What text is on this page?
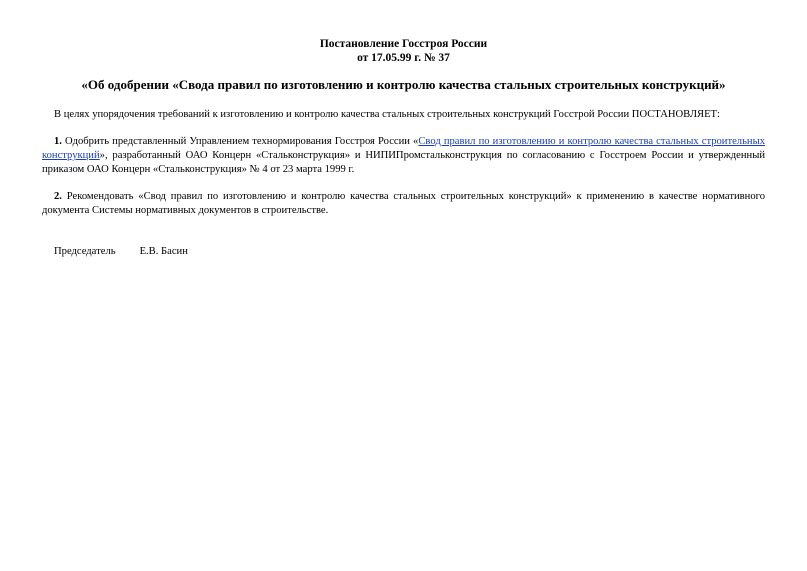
Постановление Госстроя России
от 17.05.99 г. № 37
«Об одобрении «Свода правил по изготовлению и контролю качества стальных строительных конструкций»

В целях упорядочения требований к изготовлению и контролю качества стальных строительных конструкций Госстрой России ПОСТАНОВЛЯЕТ:

1. Одобрить представленный Управлением технормирования Госстроя России «Свод правил по изготовлению и контролю качества стальных строительных конструкций», разработанный ОАО Концерн «Стальконструкция» и НИПИПромстальконструкция по согласованию с Госстроем России и утвержденный приказом ОАО Концерн «Стальконструкция» № 4 от 23 марта 1999 г.

2. Рекомендовать «Свод правил по изготовлению и контролю качества стальных строительных конструкций» к применению в качестве нормативного документа Системы нормативных документов в строительстве.

Председатель Е.В. Басин
